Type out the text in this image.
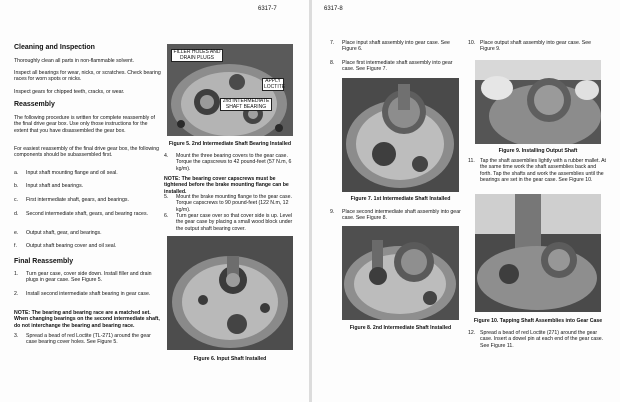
6317-7
Cleaning and Inspection
Thoroughly clean all parts in non-flammable solvent.
Inspect all bearings for wear, nicks, or scratches. Check bearing races for worn spots or nicks.
Inspect gears for chipped teeth, cracks, or wear.
Reassembly
The following procedure is written for complete reassembly of the final drive gear box. Use only those instructions for the extent that you have disassembled the gear box.
For easiest reassembly of the final drive gear box, the following components should be subassembled first.
a. Input shaft mounting flange and oil seal.
b. Input shaft and bearings.
c. First intermediate shaft, gears, and bearings.
d. Second intermediate shaft, gears, and bearing races.
e. Output shaft, gear, and bearings.
f. Output shaft bearing cover and oil seal.
Final Reassembly
1. Turn gear case, cover side down. Install filler and drain plugs in gear case. See Figure 5.
2. Install second intermediate shaft bearing in gear case.
NOTE: The bearing and bearing race are a matched set. When changing bearings on the second intermediate shaft, do not interchange the bearing and bearing race.
3. Spread a bead of red Loctite (TL-271) around the gear case bearing cover holes. See Figure 5.
FILLER HOLES AND DRAIN PLUGS
APPLY LOCTITE
2nd INTERMEDIATE SHAFT BEARING
Figure 5. 2nd Intermediate Shaft Bearing Installed
4. Mount the three bearing covers to the gear case. Torque the capscrews to 42 pound-feet (57 N.m, 6 kg/m).
NOTE: The bearing cover capscrews must be tightened before the brake mounting flange can be installed.
5. Mount the brake mounting flange to the gear case. Torque capscrews to 90 pound-feet (122 N.m, 12 kg/m).
6. Turn gear case over so that cover side is up. Level the gear case by placing a small wood block under the output shaft bearing cover.
Figure 6. Input Shaft Installed
6317-8
7. Place input shaft assembly into gear case. See Figure 6.
8. Place first intermediate shaft assembly into gear case. See Figure 7.
Figure 7. 1st Intermediate Shaft Installed
9. Place second intermediate shaft assembly into gear case. See Figure 8.
Figure 8. 2nd Intermediate Shaft Installed
10. Place output shaft assembly into gear case. See Figure 9.
Figure 9. Installing Output Shaft
11. Tap the shaft assemblies lightly with a rubber mallet. At the same time work the shaft assemblies back and forth. Tap the shafts and work the assemblies until the bearings are set in the gear case. See Figure 10.
Figure 10. Tapping Shaft Assemblies into Gear Case
12. Spread a bead of red Loctite (271) around the gear case. Insert a dowel pin at each end of the gear case. See Figure 11.
